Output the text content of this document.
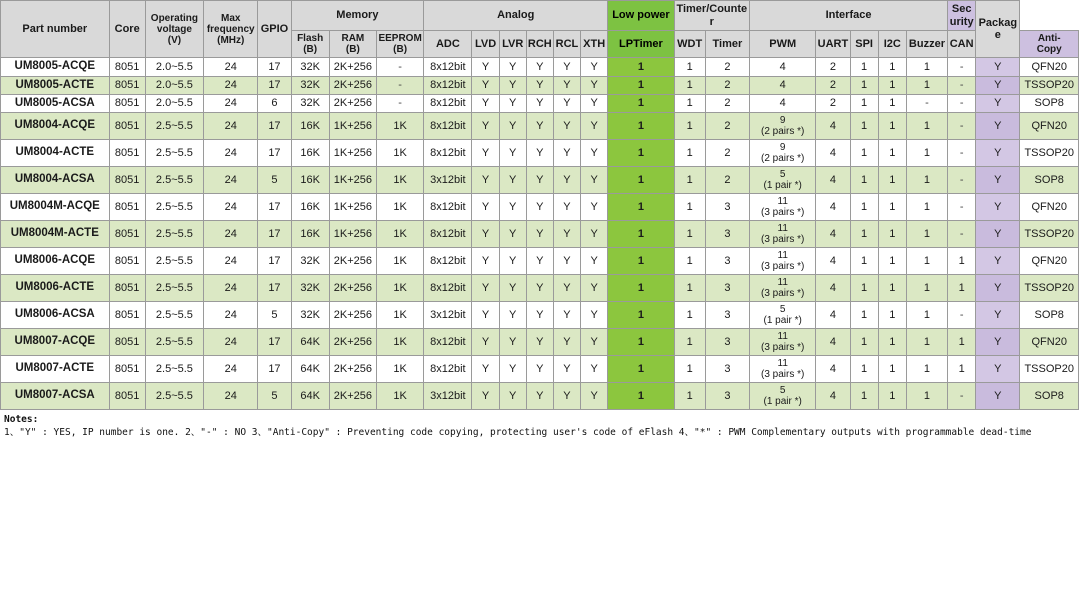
Part number	Core	Operating
voltage
(V)	Max
frequency
(MHz)	GPIO	Memory			Analog						Low power	Timer/Counter		Interface					Security	Package	

					Flash
(B)	RAM
(B)	EEPROM
(B)	ADC	LVD	LVR	RCH	RCL	XTH	LPTimer	WDT	Timer	PWM	UART	SPI	I2C	Buzzer	CAN		Anti-
Copy

UM8005-ACQE	8051	2.0~5.5	24	17	32K	2K+256	-	8x12bit	Y	Y	Y	Y	Y	1	1	2	4	2	1	1	1	-	Y	QFN20
UM8005-ACTE	8051	2.0~5.5	24	17	32K	2K+256	-	8x12bit	Y	Y	Y	Y	Y	1	1	2	4	2	1	1	1	-	Y	TSSOP20
UM8005-ACSA	8051	2.0~5.5	24	6	32K	2K+256	-	8x12bit	Y	Y	Y	Y	Y	1	1	2	4	2	1	1	-	-	Y	SOP8
UM8004-ACQE	8051	2.5~5.5	24	17	16K	1K+256	1K	8x12bit	Y	Y	Y	Y	Y	1	1	2	9
(2 pairs *)	4	1	1	1	-	Y	QFN20
UM8004-ACTE	8051	2.5~5.5	24	17	16K	1K+256	1K	8x12bit	Y	Y	Y	Y	Y	1	1	2	9
(2 pairs *)	4	1	1	1	-	Y	TSSOP20
UM8004-ACSA	8051	2.5~5.5	24	5	16K	1K+256	1K	3x12bit	Y	Y	Y	Y	Y	1	1	2	5
(1 pair *)	4	1	1	1	-	Y	SOP8
UM8004M-ACQE	8051	2.5~5.5	24	17	16K	1K+256	1K	8x12bit	Y	Y	Y	Y	Y	1	1	3	11
(3 pairs *)	4	1	1	1	-	Y	QFN20
UM8004M-ACTE	8051	2.5~5.5	24	17	16K	1K+256	1K	8x12bit	Y	Y	Y	Y	Y	1	1	3	11
(3 pairs *)	4	1	1	1	-	Y	TSSOP20
UM8006-ACQE	8051	2.5~5.5	24	17	32K	2K+256	1K	8x12bit	Y	Y	Y	Y	Y	1	1	3	11
(3 pairs *)	4	1	1	1	1	Y	QFN20
UM8006-ACTE	8051	2.5~5.5	24	17	32K	2K+256	1K	8x12bit	Y	Y	Y	Y	Y	1	1	3	11
(3 pairs *)	4	1	1	1	1	Y	TSSOP20
UM8006-ACSA	8051	2.5~5.5	24	5	32K	2K+256	1K	3x12bit	Y	Y	Y	Y	Y	1	1	3	5
(1 pair *)	4	1	1	1	-	Y	SOP8
UM8007-ACQE	8051	2.5~5.5	24	17	64K	2K+256	1K	8x12bit	Y	Y	Y	Y	Y	1	1	3	11
(3 pairs *)	4	1	1	1	1	Y	QFN20
UM8007-ACTE	8051	2.5~5.5	24	17	64K	2K+256	1K	8x12bit	Y	Y	Y	Y	Y	1	1	3	11
(3 pairs *)	4	1	1	1	1	Y	TSSOP20
UM8007-ACSA	8051	2.5~5.5	24	5	64K	2K+256	1K	3x12bit	Y	Y	Y	Y	Y	1	1	3	5
(1 pair *)	4	1	1	1	-	Y	SOP8
Notes:
1、"Y" : YES, IP number is one. 2、"-" : NO 3、"Anti-Copy" : Preventing code copying, protecting user's code of eFlash 4、"*" : PWM Complementary outputs with programmable dead-time
